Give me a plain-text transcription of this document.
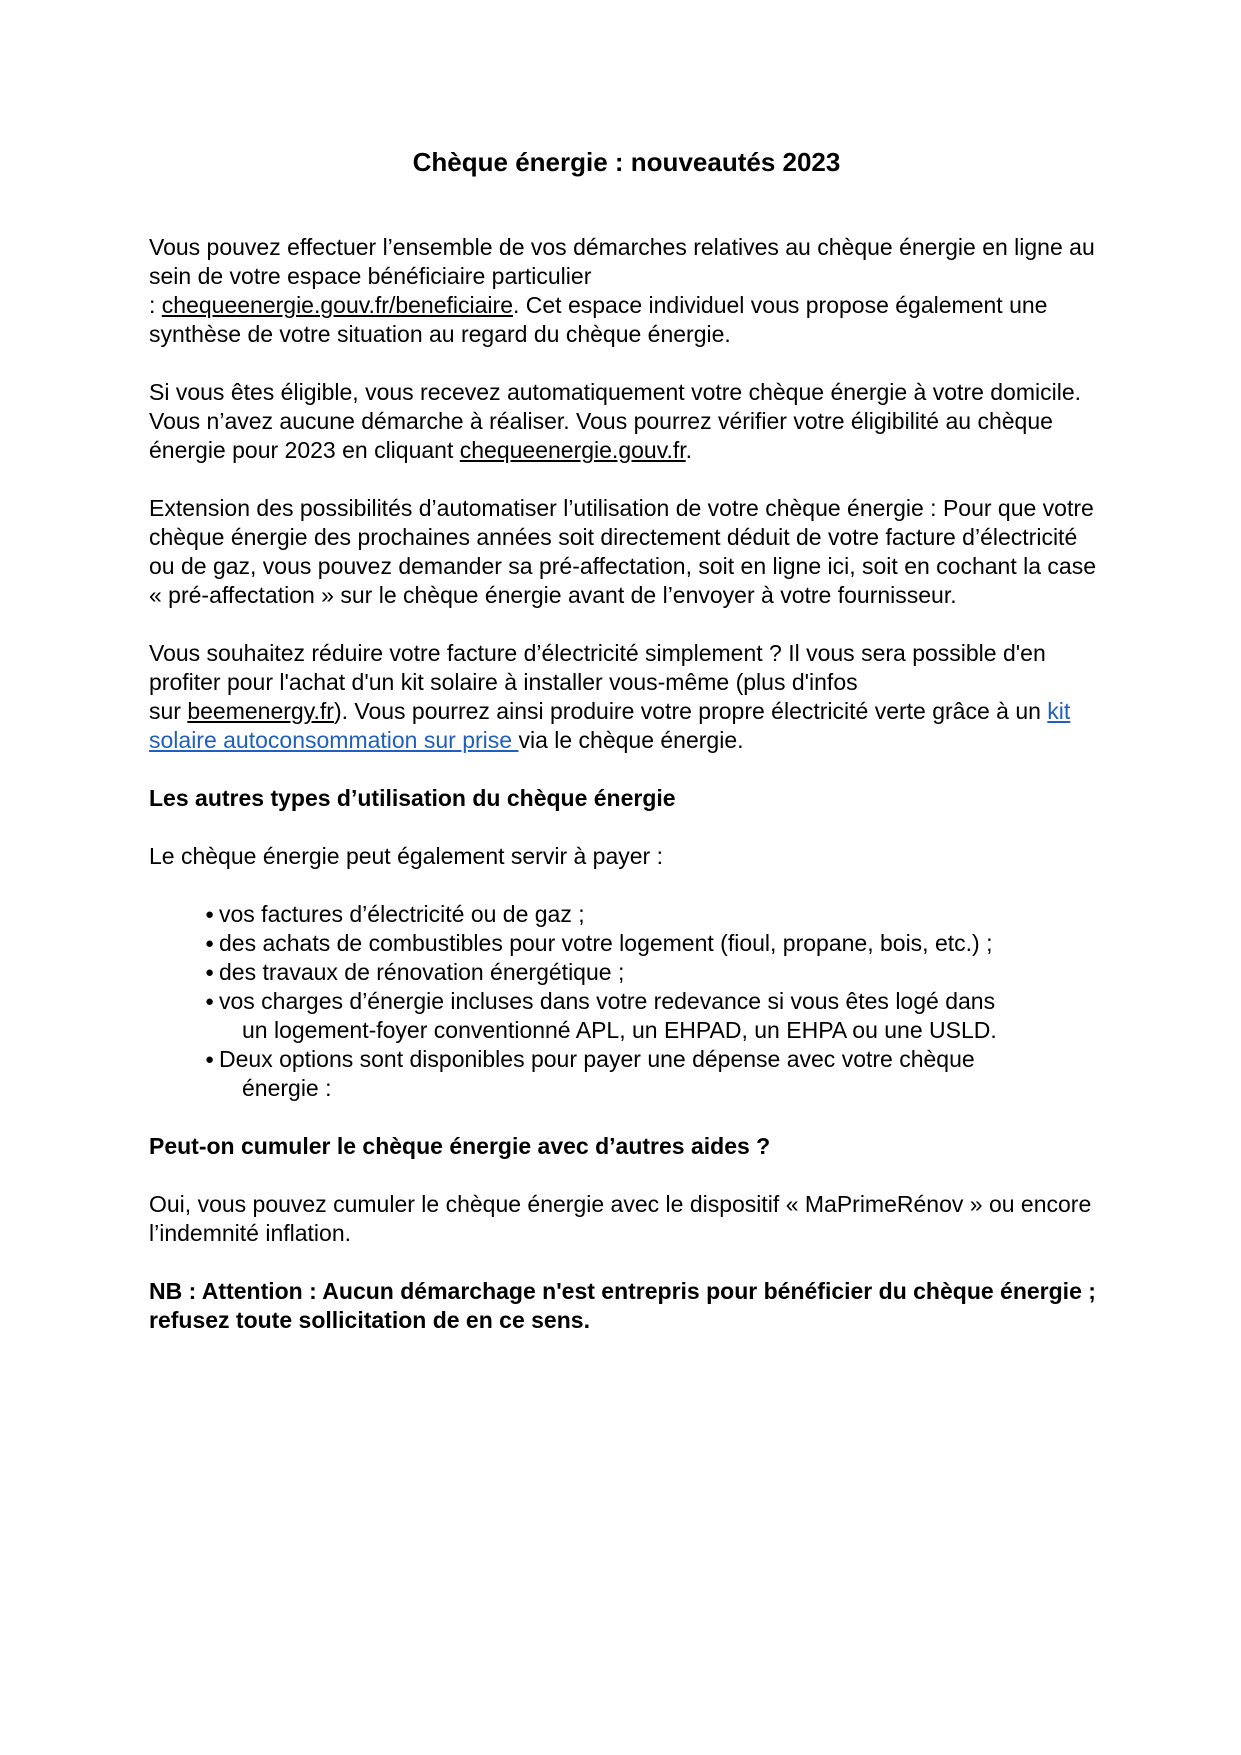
Chèque énergie : nouveautés 2023

Vous pouvez effectuer l’ensemble de vos démarches relatives au chèque énergie en ligne au sein de votre espace bénéficiaire particulier
: chequeenergie.gouv.fr/beneficiaire. Cet espace individuel vous propose également une synthèse de votre situation au regard du chèque énergie.

Si vous êtes éligible, vous recevez automatiquement votre chèque énergie à votre domicile. Vous n’avez aucune démarche à réaliser. Vous pourrez vérifier votre éligibilité au chèque énergie pour 2023 en cliquant chequeenergie.gouv.fr.

Extension des possibilités d’automatiser l’utilisation de votre chèque énergie : Pour que votre chèque énergie des prochaines années soit directement déduit de votre facture d’électricité ou de gaz, vous pouvez demander sa pré-affectation, soit en ligne ici, soit en cochant la case « pré-affectation » sur le chèque énergie avant de l’envoyer à votre fournisseur.

Vous souhaitez réduire votre facture d’électricité simplement ? Il vous sera possible d'en profiter pour l'achat d'un kit solaire à installer vous-même (plus d'infos
sur beemenergy.fr). Vous pourrez ainsi produire votre propre électricité verte grâce à un kit solaire autoconsommation sur prise via le chèque énergie.

Les autres types d’utilisation du chèque énergie

Le chèque énergie peut également servir à payer :

● vos factures d’électricité ou de gaz ;
● des achats de combustibles pour votre logement (fioul, propane, bois, etc.) ;
● des travaux de rénovation énergétique ;
● vos charges d’énergie incluses dans votre redevance si vous êtes logé dans
un logement-foyer conventionné APL, un EHPAD, un EHPA ou une USLD.
● Deux options sont disponibles pour payer une dépense avec votre chèque
énergie :
Peut-on cumuler le chèque énergie avec d’autres aides ?

Oui, vous pouvez cumuler le chèque énergie avec le dispositif « MaPrimeRénov » ou encore l’indemnité inflation.

NB : Attention : Aucun démarchage n'est entrepris pour bénéficier du chèque énergie ; refusez toute sollicitation de en ce sens.
